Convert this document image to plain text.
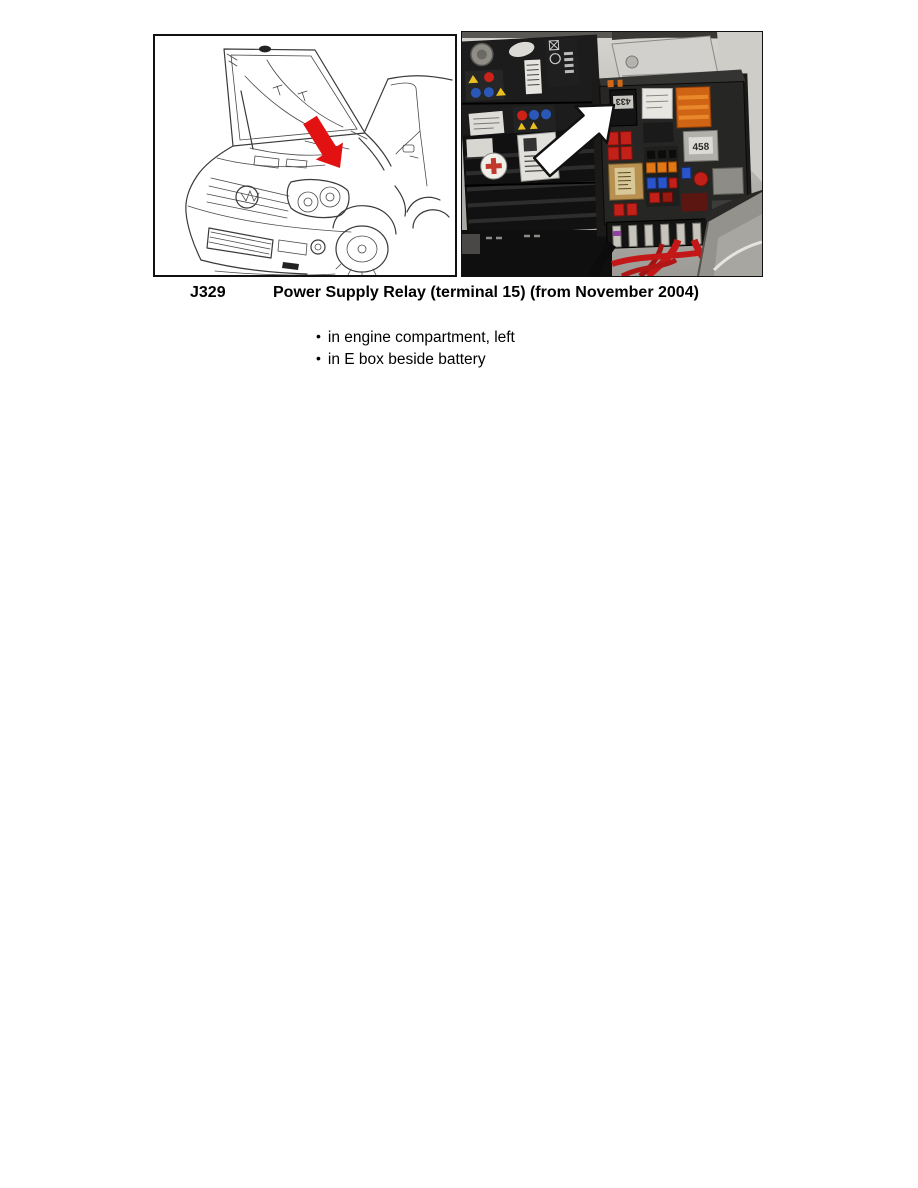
433
458
J329	Power Supply Relay (terminal 15) (from November 2004)
• in engine compartment, left
• in E box beside battery
